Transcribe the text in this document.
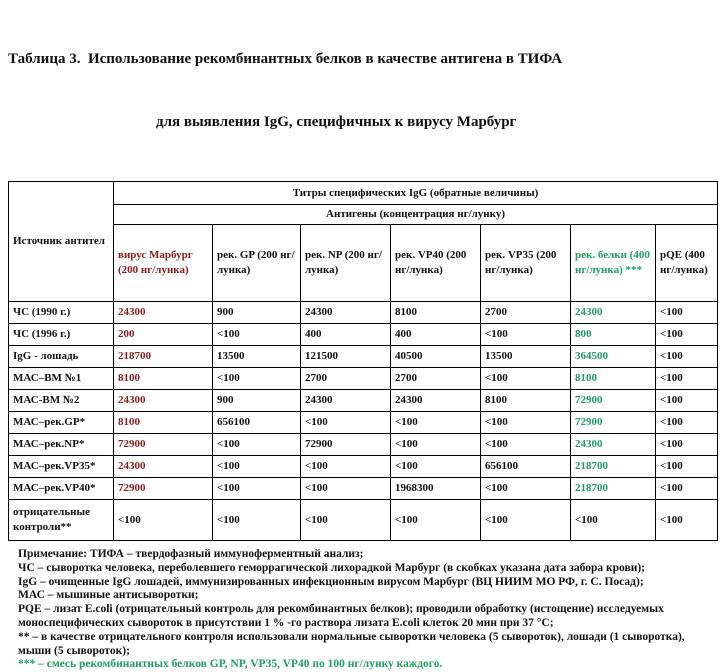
Таблица 3.  Использование рекомбинантных белков в качестве антигена в ТИФА

для выявления IgG, специфичных к вирусу Марбург

Источник антител	Титры специфических IgG (обратные величины)						
	Антигены (концентрация нг/лунку)						
	вирус Марбург (200 нг/лунка)	рек. GP (200 нг/лунка)	рек. NP (200 нг/лунка)	рек. VP40 (200 нг/лунка)	рек. VP35 (200 нг/лунка)	рек. белки (400 нг/лунка) ***	pQE (400 нг/лунка)
ЧС (1990 г.)	24300	900	24300	8100	2700	24300	<100
ЧС (1996 г.)	200	<100	400	400	<100	800	<100
IgG - лошадь	218700	13500	121500	40500	13500	364500	<100
МАС–ВМ №1	8100	<100	2700	2700	<100	8100	<100
МАС-ВМ №2	24300	900	24300	24300	8100	72900	<100
МАС–рек.GP*	8100	656100	<100	<100	<100	72900	<100
МАС–рек.NP*	72900	<100	72900	<100	<100	24300	<100
МАС–рек.VP35*	24300	<100	<100	<100	656100	218700	<100
МАС–рек.VP40*	72900	<100	<100	1968300	<100	218700	<100
отрицательные контроли**	<100	<100	<100	<100	<100	<100	<100

Примечание: ТИФА – твердофазный иммуноферментный анализ;

ЧС – сыворотка человека, переболевшего геморрагической лихорадкой Марбург (в скобках указана дата забора крови);

IgG – очищенные IgG лошадей, иммунизированных инфекционным вирусом Марбург (ВЦ НИИМ МО РФ, г. С. Посад);

МАС – мышиные антисыворотки;

PQE – лизат E.coli (отрицательный контроль для рекомбинантных белков); проводили обработку (истощение) исследуемых моноспецифических сывороток в присутствии 1 % -го раствора лизата E.coli клеток 20 мин при 37 °С;

** – в качестве отрицательного контроля использовали нормальные сыворотки человека (5 сывороток), лошади (1 сыворотка), мыши (5 сывороток);

*** – смесь рекомбинантных белков GP, NP, VP35, VP40 по 100 нг/лунку каждого.
